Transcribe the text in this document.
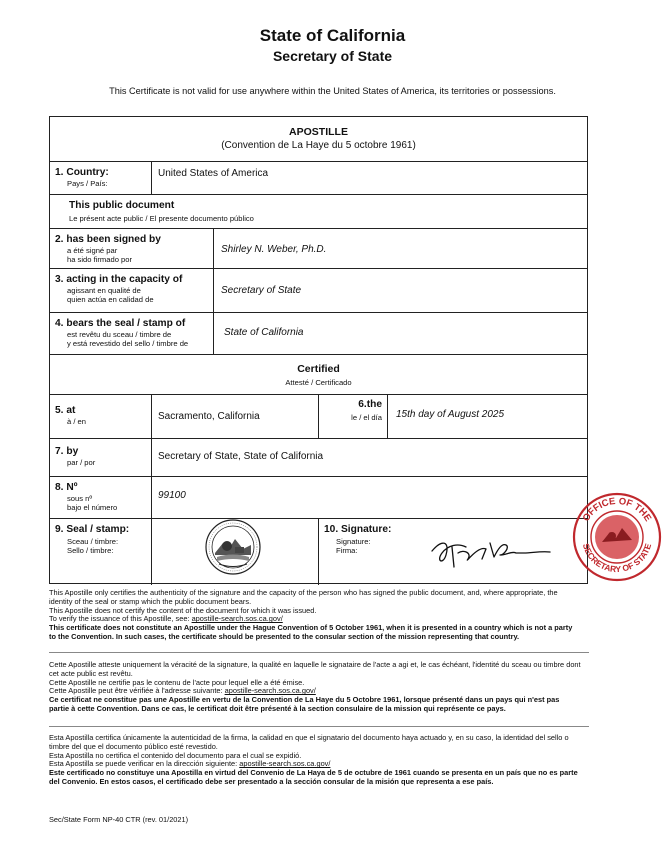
State of California
Secretary of State
This Certificate is not valid for use anywhere within the United States of America, its territories or possessions.
APOSTILLE
(Convention de La Haye du 5 octobre 1961)
1. Country:
Pays / País:
United States of America
This public document
Le présent acte public / El presente documento público
2. has been signed by
a été signé par
ha sido firmado por
Shirley N. Weber, Ph.D.
3. acting in the capacity of
agissant en qualité de
quien actúa en calidad de
Secretary of State
4. bears the seal / stamp of
est revêtu du sceau / timbre de
y está revestido del sello / timbre de
State of California
Certified
Attesté / Certificado
5. at
à / en	Sacramento, California
6.the
le / el día 15th day of August 2025
7. by
par / por
Secretary of State, State of California
8. Nº
sous nº
bajo el número
99100
9. Seal / stamp:
Sceau / timbre:
Sello / timbre:
10. Signature:
Signature:
Firma:
OFFICE OF THE
SECRETARY OF STATE

This Apostille only certifies the authenticity of the signature and the capacity of the person who has signed the public document, and, where appropriate, the

identity of the seal or stamp which the public document bears.

This Apostille does not certify the content of the document for which it was issued.

To verify the issuance of this Apostille, see: apostille-search.sos.ca.gov/

This certificate does not constitute an Apostille under the Hague Convention of 5 October 1961, when it is presented in a country which is not a party

to the Convention. In such cases, the certificate should be presented to the consular section of the mission representing that country.

Cette Apostille atteste uniquement la véracité de la signature, la qualité en laquelle le signataire de l'acte a agi et, le cas échéant, l'identité du sceau ou timbre dont

cet acte public est revêtu.

Cette Apostille ne certifie pas le contenu de l'acte pour lequel elle a été émise.

Cette Apostille peut être vérifiée à l'adresse suivante: apostille-search.sos.ca.gov/

Ce certificat ne constitue pas une Apostille en vertu de la Convention de La Haye du 5 Octobre 1961, lorsque présenté dans un pays qui n'est pas

partie à cette Convention. Dans ce cas, le certificat doit être présenté à la section consulaire de la mission qui représente ce pays.

Esta Apostilla certifica únicamente la autenticidad de la firma, la calidad en que el signatario del documento haya actuado y, en su caso, la identidad del sello o

timbre del que el documento público esté revestido.

Esta Apostilla no certifica el contenido del documento para el cual se expidió.

Esta Apostilla se puede verificar en la dirección siguiente: apostille-search.sos.ca.gov/

Este certificado no constituye una Apostilla en virtud del Convenio de La Haya de 5 de octubre de 1961 cuando se presenta en un país que no es parte

del Convenio. En estos casos, el certificado debe ser presentado a la sección consular de la misión que representa a ese país.

Sec/State Form NP-40 CTR (rev. 01/2021)
